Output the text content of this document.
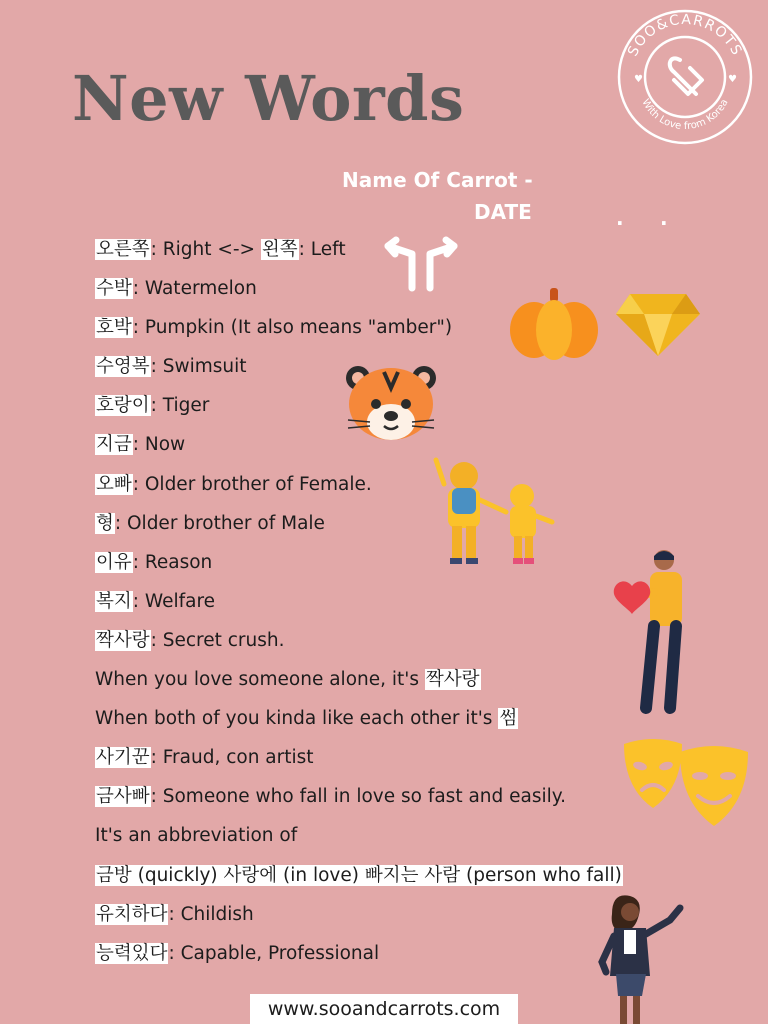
New Words
SOO&CARROTS
With Love from Korea
♥	♥
Name Of Carrot -
DATE	. .
오른쪽: Right <-> 왼쪽: Left
수박: Watermelon
호박: Pumpkin (It also means "amber")
수영복: Swimsuit
호랑이: Tiger
지금: Now
오빠: Older brother of Female.
형: Older brother of Male
이유: Reason
복지: Welfare
짝사랑: Secret crush.
When you love someone alone, it's 짝사랑
When both of you kinda like each other it's 썸
사기꾼: Fraud, con artist
금사빠: Someone who fall in love so fast and easily.
It's an abbreviation of
금방 (quickly) 사랑에 (in love) 빠지는 사람 (person who fall)
유치하다: Childish
능력있다: Capable, Professional
www.sooandcarrots.com
